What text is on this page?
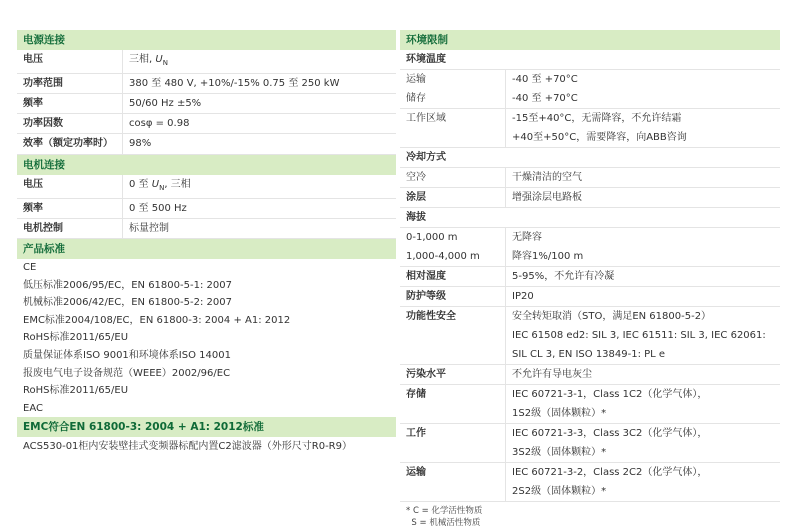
电源连接
电压	三相, $U_N$
功率范围	380 至 480 V, +10%/-15% 0.75 至 250 kW
频率	50/60 Hz ±5%
功率因数	cosφ = 0.98
效率（额定功率时）	98%
电机连接
电压	0 至 $U_N$, 三相
频率	0 至 500 Hz
电机控制	标量控制
产品标准
CE
低压标准2006/95/EC，EN 61800-5-1: 2007
机械标准2006/42/EC，EN 61800-5-2: 2007
EMC标准2004/108/EC，EN 61800-3: 2004 + A1: 2012
RoHS标准2011/65/EU
质量保证体系ISO 9001和环境体系ISO 14001
报废电气电子设备规范（WEEE）2002/96/EC
RoHS标准2011/65/EU
EAC
EMC符合EN 61800-3: 2004 + A1: 2012标准
ACS530-01柜内安装壁挂式变频器标配内置C2滤波器（外形尺寸R0-R9）
环境限制
环境温度
运输	-40 至 +70°C
储存	-40 至 +70°C
工作区域	-15至+40°C，无需降容，不允许结霜
+40至+50°C，需要降容，向ABB咨询
冷却方式
空冷	干燥清洁的空气
涂层	增强涂层电路板
海拔
0-1,000 m	无降容
1,000-4,000 m	降容1%/100 m
相对湿度	5-95%，不允许有冷凝
防护等级	IP20
功能性安全	安全转矩取消（STO，满足EN 61800-5-2）
IEC 61508 ed2: SIL 3, IEC 61511: SIL 3, IEC 62061:
SIL CL 3, EN ISO 13849-1: PL e
污染水平	不允许有导电灰尘
存储	IEC 60721-3-1，Class 1C2（化学气体），
1S2级（固体颗粒）*
工作	IEC 60721-3-3，Class 3C2（化学气体），
3S2级（固体颗粒）*
运输	IEC 60721-3-2，Class 2C2（化学气体），
2S2级（固体颗粒）*
* C = 化学活性物质
S = 机械活性物质
